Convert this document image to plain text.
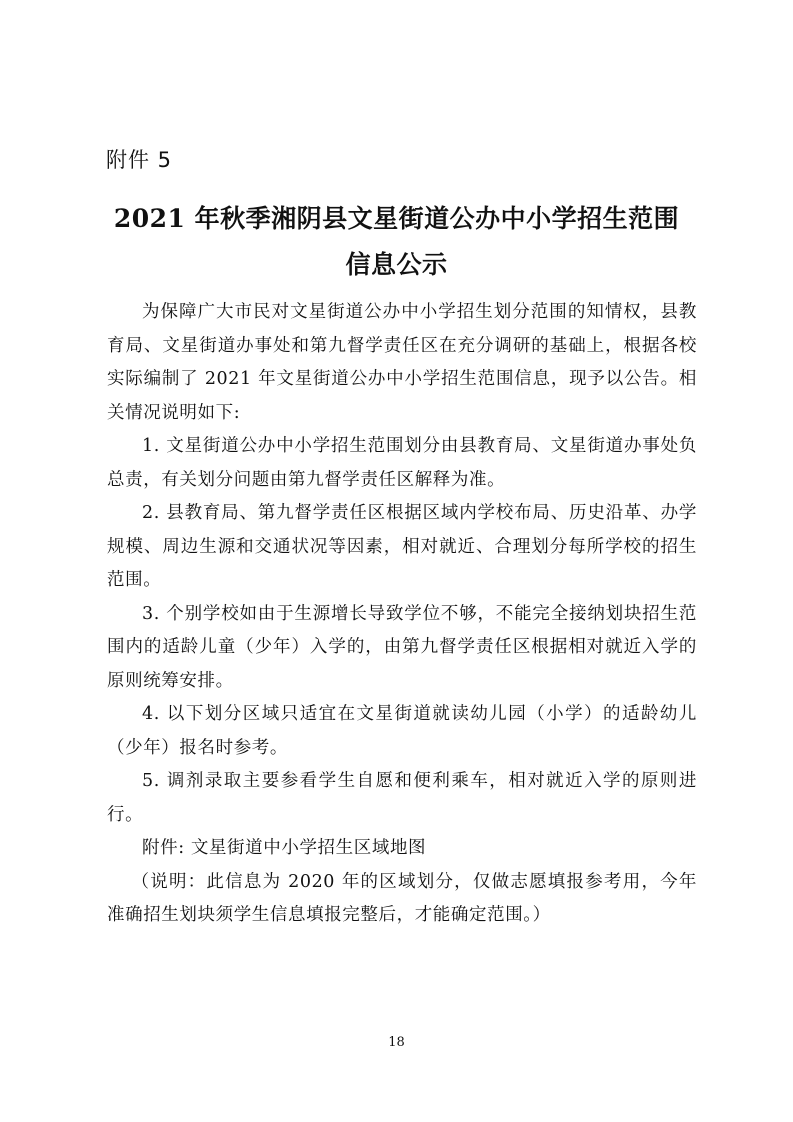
附件 5
2021 年秋季湘阴县文星街道公办中小学招生范围
信息公示

为保障广大市民对文星街道公办中小学招生划分范围的知情权，县教育局、文星街道办事处和第九督学责任区在充分调研的基础上，根据各校实际编制了 2021 年文星街道公办中小学招生范围信息，现予以公告。相关情况说明如下:

1. 文星街道公办中小学招生范围划分由县教育局、文星街道办事处负总责，有关划分问题由第九督学责任区解释为准。

2. 县教育局、第九督学责任区根据区域内学校布局、历史沿革、办学规模、周边生源和交通状况等因素，相对就近、合理划分每所学校的招生范围。

3. 个别学校如由于生源增长导致学位不够，不能完全接纳划块招生范围内的适龄儿童（少年）入学的，由第九督学责任区根据相对就近入学的原则统筹安排。

4. 以下划分区域只适宜在文星街道就读幼儿园（小学）的适龄幼儿（少年）报名时参考。

5. 调剂录取主要参看学生自愿和便利乘车，相对就近入学的原则进行。

附件: 文星街道中小学招生区域地图

（说明：此信息为 2020 年的区域划分，仅做志愿填报参考用，今年准确招生划块须学生信息填报完整后，才能确定范围。）

18
